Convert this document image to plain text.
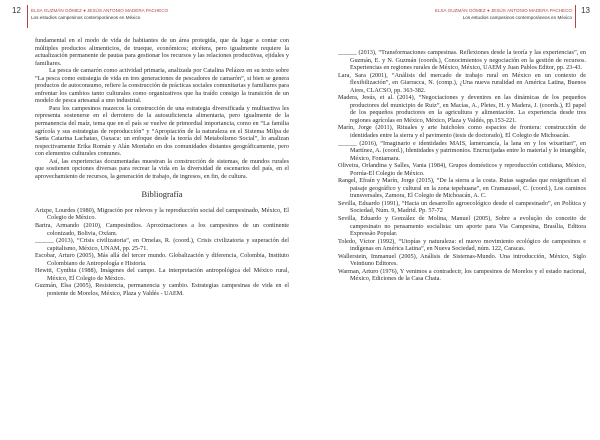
12 ELSA GUZMÁN GÓMEZ ● JESÚS ANTONIO MADERA PACHECO
Los estudios campesinos contemporáneos en México

fundamental en el modo de vida de habitantes de un área protegida, que da lugar a contar con múltiples productos alimenticios, de trueque, económicos; etcétera, pero igualmente requiere la actualización permanente de pautas para gestionar los recursos y las relaciones productivas, ejidales y familiares.

La pesca de camarón como actividad primaria, analizada por Catalina Pelázez en su texto sobre “La pesca como estrategia de vida en tres generaciones de pescadores de camarón”, si bien se genera productos de autoconsumo, refiere la construcción de prácticas sociales comunitarias y familiares para enfrentar los cambios tanto culturales como organizativos que ha traído consigo la transición de un modelo de pesca artesanal a uno industrial.

Para los campesinos mazecos la construcción de una estrategia diversificada y multiactiva les representa sostenerse en el derrotero de la autosuficiencia alimentaria, pero igualmente de la permanencia del maíz, tema que en el país se vuelve de primordial importancia, como en “La familia agrícola y sus estrategias de reproducción” y “Apropiación de la naturaleza en el Sistema Milpa de Santa Catarina Lachatao, Oaxaca: un enfoque desde la teoría del Metabolismo Social”, lo analizan respectivamente Erika Román y Alán Montaño en dos comunidades distantes geográficamente, pero con elementos culturales comunes.

Así, las experiencias documentadas muestran la construcción de sistemas, de mundos rurales que sostienen opciones diversas para recrear la vida en la diversidad de escenarios del país, en el aprovechamiento de recursos, la generación de trabajo, de ingresos, en fin, de cultura.

Bibliografía

Arizpe, Lourdes (1980), Migración por relevos y la reproducción social del campesinado, México, El Colegio de México.

Bartra, Armando (2010), Campesindios. Aproximaciones a los campesinos de un continente colonizado, Bolivia, Oxfam.

______ (2013), “Crisis civilizatoria”, en Ornelas, R. (coord.), Crisis civilizatoria y superación del capitalismo, México, UNAM, pp. 25-71.

Escobar, Arturo (2005), Más allá del tercer mundo. Globalización y diferencia, Colombia, Instituto Colombiano de Antropología e Historia.

Hewitt, Cynthia (1988), Imágenes del campo. La interpretación antropológica del México rural, México, El Colegio de México.

Guzmán, Elsa (2005), Resistencia, permanencia y cambio. Estrategias campesinas de vida en el poniente de Morelos, México, Plaza y Valdés - UAEM.

13
ELSA GUZMÁN GÓMEZ ● JESÚS ANTONIO MADERA PACHECO
Los estudios campesinos contemporáneos en México

______ (2013), “Transformaciones campesinas. Reflexiones desde la teoría y las experiencias”, en Guzmán, E. y N. Guzmán (coords.), Conocimientos y negociación en la gestión de recursos. Experiencias en regiones rurales de México, México, UAEM y Juan Pablos Editor, pp. 23-43.

Lara, Sara (2001), “Análisis del mercado de trabajo rural en México en un contexto de flexibilización”, en Giarracca, N. (comp.), ¿Una nueva ruralidad en América Latina, Buenos Aires, CLACSO, pp. 363-382.

Madera, Jesús, et al. (2014), “Negociaciones y devenires en las dinámicas de los pequeños productores del municipio de Ruiz”, en Macías, A., Pletes, H. y Madera, J. (coords.), El papel de los pequeños productores en la agricultura y alimentación. La experiencia desde tres regiones agrícolas en México, México, Plaza y Valdés, pp.153-221.

Marín, Jorge (2011), Rituales y arte huicholes como espacios de frontera: construcción de identidades entre la sierra y el pavimento (tesis de doctorado), El Colegio de Michoacán.

______ (2016), “Imaginario e identidades MAIS, lamercancía, la lana en y los wixaritari”, en Martínez, A. (coord.), Identidades y patrimonios. Encrucijadas entre lo material y lo intangible, México, Fontamara.

Oliveira, Orlandina y Salles, Vania (1984), Grupos domésticos y reproducción cotidiana, México, Porrúa-El Colegio de México.

Rangel, Efraín y Marín, Jorge (2015), “De la sierra a la costa. Rutas sagradas que resignifican el paisaje geográfico y cultural en la zona tepehuana”, en Cramaussel, C. (coord.), Los caminos transversales, Zamora, El Colegio de Michoacán, A. C.

Sevilla, Eduardo (1991), “Hacia un desarrollo agroecológico desde el campesinado”, en Política y Sociedad, Núm. 9, Madrid. Pp. 57-72

Sevilla, Eduardo y González de Molina, Manuel (2005), Sobre a evolução do conceito de campesinato no pensamento socialista: um aporte para Via Campesina, Brasília, Editora Expressão Popular.

Toledo, Víctor (1992), “Utopías y naturaleza: el nuevo movimiento ecológico de campesinos e indígenas en América Latina”, en Nueva Sociedad, núm. 122, Caracas.

Wallerstein, Immanuel (2005), Análisis de Sistemas-Mundo. Una introducción, México, Siglo Veintiuno Editores.

Warman, Arturo (1976), Y venimos a contradecir, los campesinos de Morelos y el estado nacional, México, Ediciones de la Casa Chata.
